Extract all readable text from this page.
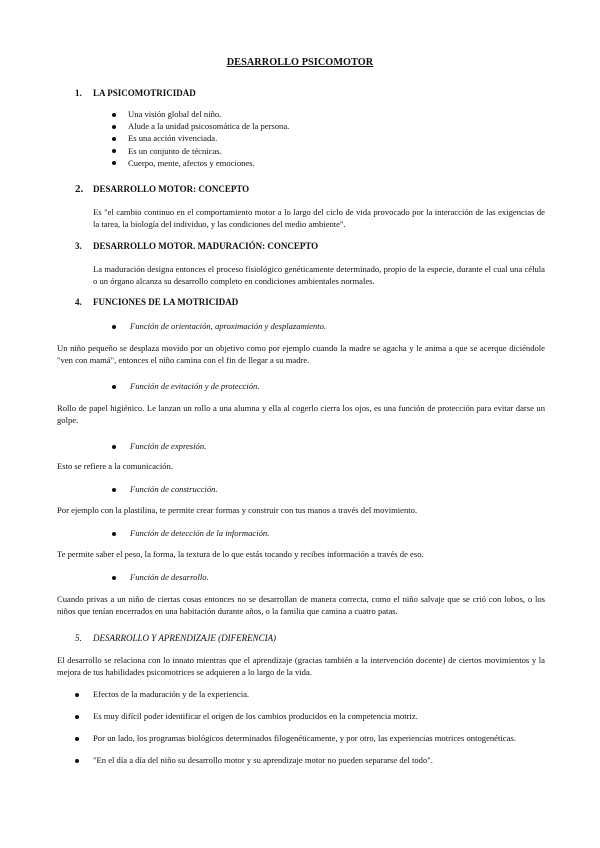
DESARROLLO PSICOMOTOR
1. LA PSICOMOTRICIDAD
Una visión global del niño.
Alude a la unidad psicosomática de la persona.
Es una acción vivenciada.
Es un conjunto de técnicas.
Cuerpo, mente, afectos y emociones.
2. DESARROLLO MOTOR: CONCEPTO

Es "el cambio continuo en el comportamiento motor a lo largo del ciclo de vida provocado por la interacción de las exigencias de la tarea, la biología del individuo, y las condiciones del medio ambiente".

3. DESARROLLO MOTOR. MADURACIÓN: CONCEPTO

La maduración designa entonces el proceso fisiológico genéticamente determinado, propio de la especie, durante el cual una célula o un órgano alcanza su desarrollo completo en condiciones ambientales normales.

4. FUNCIONES DE LA MOTRICIDAD
Función de orientación, aproximación y desplazamiento.

Un niño pequeño se desplaza movido por un objetivo como por ejemplo cuando la madre se agacha y le anima a que se acerque diciéndole "ven con mamá", entonces el niño camina con el fin de llegar a su madre.

Función de evitación y de protección.

Rollo de papel higiénico. Le lanzan un rollo a una alumna y ella al cogerlo cierra los ojos, es una función de protección para evitar darse un golpe.

Función de expresión.

Esto se refiere a la comunicación.

Función de construcción.

Por ejemplo con la plastilina, te permite crear formas y construir con tus manos a través del movimiento.

Función de detección de la información.

Te permite saber el peso, la forma, la textura de lo que estás tocando y recibes información a través de eso.

Función de desarrollo.

Cuando privas a un niño de ciertas cosas entonces no se desarrollan de manera correcta, como el niño salvaje que se crió con lobos, o los niños que tenían encerrados en una habitación durante años, o la familia que camina a cuatro patas.

5. DESARROLLO Y APRENDIZAJE (DIFERENCIA)

El desarrollo se relaciona con lo innato mientras que el aprendizaje (gracias también a la intervención docente) de ciertos movimientos y la mejora de tus habilidades psicomotrices se adquieren a lo largo de la vida.

Efectos de la maduración y de la experiencia.
Es muy difícil poder identificar el origen de los cambios producidos en la competencia motriz.
Por un lado, los programas biológicos determinados filogenéticamente, y por otro, las experiencias motrices ontogenéticas.
"En el día a día del niño su desarrollo motor y su aprendizaje motor no pueden separarse del todo".
